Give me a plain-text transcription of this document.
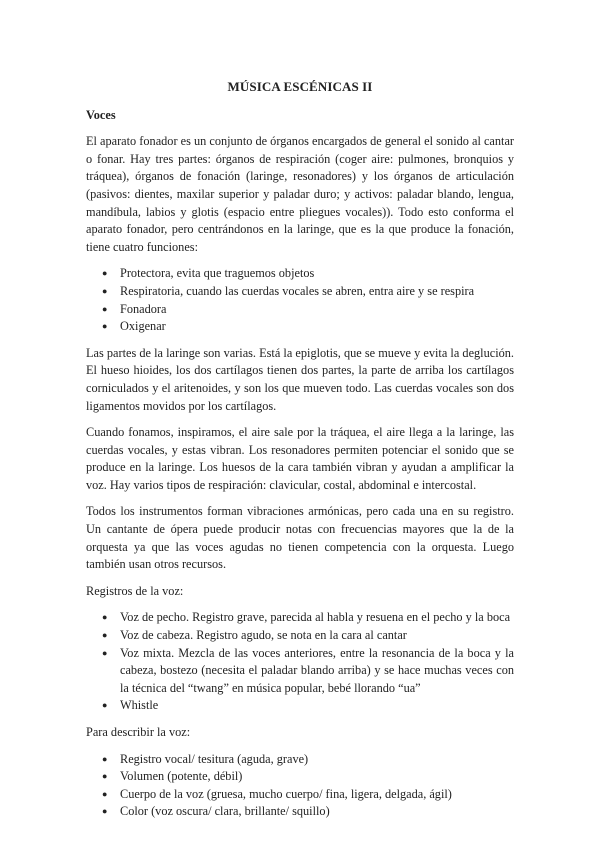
MÚSICA ESCÉNICAS II
Voces

El aparato fonador es un conjunto de órganos encargados de general el sonido al cantar o fonar. Hay tres partes: órganos de respiración (coger aire: pulmones, bronquios y tráquea), órganos de fonación (laringe, resonadores) y los órganos de articulación (pasivos: dientes, maxilar superior y paladar duro; y activos: paladar blando, lengua, mandíbula, labios y glotis (espacio entre pliegues vocales)). Todo esto conforma el aparato fonador, pero centrándonos en la laringe, que es la que produce la fonación, tiene cuatro funciones:

● Protectora, evita que traguemos objetos
● Respiratoria, cuando las cuerdas vocales se abren, entra aire y se respira
● Fonadora
● Oxigenar

Las partes de la laringe son varias. Está la epiglotis, que se mueve y evita la deglución. El hueso hioides, los dos cartílagos tienen dos partes, la parte de arriba los cartílagos corniculados y el aritenoides, y son los que mueven todo. Las cuerdas vocales son dos ligamentos movidos por los cartílagos.

Cuando fonamos, inspiramos, el aire sale por la tráquea, el aire llega a la laringe, las cuerdas vocales, y estas vibran. Los resonadores permiten potenciar el sonido que se produce en la laringe. Los huesos de la cara también vibran y ayudan a amplificar la voz. Hay varios tipos de respiración: clavicular, costal, abdominal e intercostal.

Todos los instrumentos forman vibraciones armónicas, pero cada una en su registro. Un cantante de ópera puede producir notas con frecuencias mayores que la de la orquesta ya que las voces agudas no tienen competencia con la orquesta. Luego también usan otros recursos.

Registros de la voz:

● Voz de pecho. Registro grave, parecida al habla y resuena en el pecho y la boca
● Voz de cabeza. Registro agudo, se nota en la cara al cantar
● Voz mixta. Mezcla de las voces anteriores, entre la resonancia de la boca y la cabeza, bostezo (necesita el paladar blando arriba) y se hace muchas veces con la técnica del “twang” en música popular, bebé llorando “ua”
● Whistle

Para describir la voz:

● Registro vocal/ tesitura (aguda, grave)
● Volumen (potente, débil)
● Cuerpo de la voz (gruesa, mucho cuerpo/ fina, ligera, delgada, ágil)
● Color (voz oscura/ clara, brillante/ squillo)
